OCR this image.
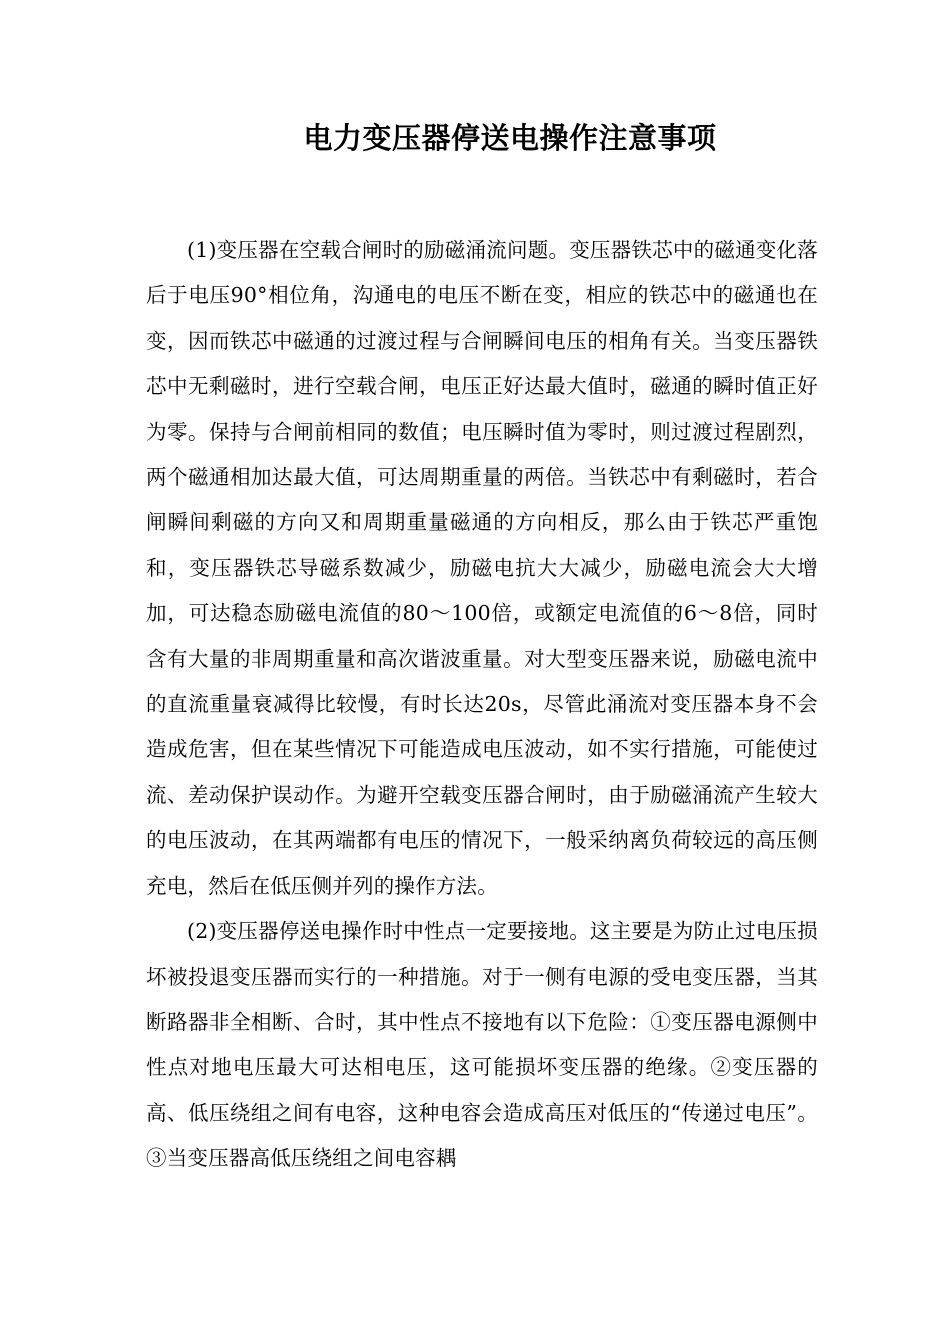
电力变压器停送电操作注意事项

(1)变压器在空载合闸时的励磁涌流问题。变压器铁芯中的磁通变化落后于电压90°相位角，沟通电的电压不断在变，相应的铁芯中的磁通也在变，因而铁芯中磁通的过渡过程与合闸瞬间电压的相角有关。当变压器铁芯中无剩磁时，进行空载合闸，电压正好达最大值时，磁通的瞬时值正好为零。保持与合闸前相同的数值；电压瞬时值为零时，则过渡过程剧烈，两个磁通相加达最大值，可达周期重量的两倍。当铁芯中有剩磁时，若合闸瞬间剩磁的方向又和周期重量磁通的方向相反，那么由于铁芯严重饱和，变压器铁芯导磁系数减少，励磁电抗大大减少，励磁电流会大大增加，可达稳态励磁电流值的80～100倍，或额定电流值的6～8倍，同时含有大量的非周期重量和高次谐波重量。对大型变压器来说，励磁电流中的直流重量衰减得比较慢，有时长达20s，尽管此涌流对变压器本身不会造成危害，但在某些情况下可能造成电压波动，如不实行措施，可能使过流、差动保护误动作。为避开空载变压器合闸时，由于励磁涌流产生较大的电压波动，在其两端都有电压的情况下，一般采纳离负荷较远的高压侧充电，然后在低压侧并列的操作方法。

(2)变压器停送电操作时中性点一定要接地。这主要是为防止过电压损坏被投退变压器而实行的一种措施。对于一侧有电源的受电变压器，当其断路器非全相断、合时，其中性点不接地有以下危险：①变压器电源侧中性点对地电压最大可达相电压，这可能损坏变压器的绝缘。②变压器的高、低压绕组之间有电容，这种电容会造成高压对低压的“传递过电压”。③当变压器高低压绕组之间电容耦
